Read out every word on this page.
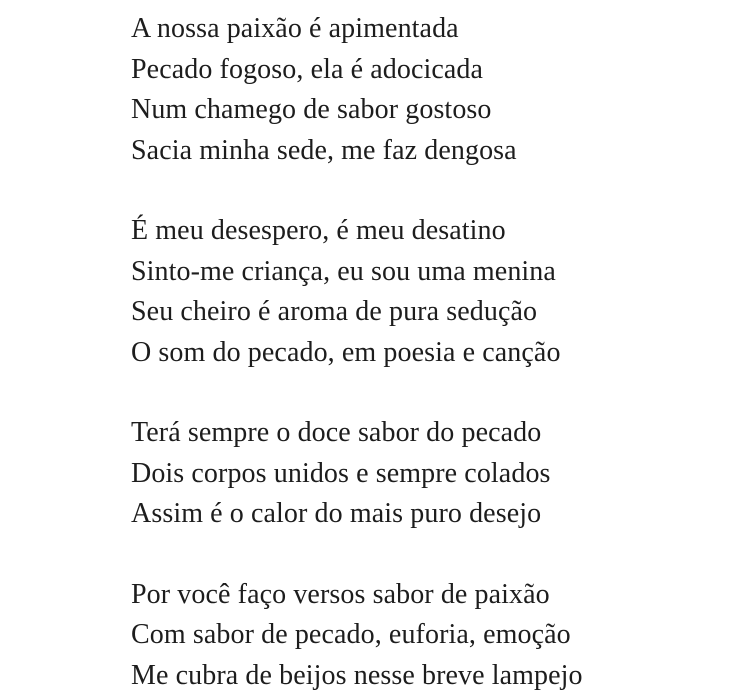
A nossa paixão é apimentada
Pecado fogoso, ela é adocicada
Num chamego de sabor gostoso
Sacia minha sede, me faz dengosa
É meu desespero, é meu desatino
Sinto-me criança, eu sou uma menina
Seu cheiro é aroma de pura sedução
O som do pecado, em poesia e canção
Terá sempre o doce sabor do pecado
Dois corpos unidos e sempre colados
Assim é o calor do mais puro desejo
Por você faço versos sabor de paixão
Com sabor de pecado, euforia, emoção
Me cubra de beijos nesse breve lampejo
